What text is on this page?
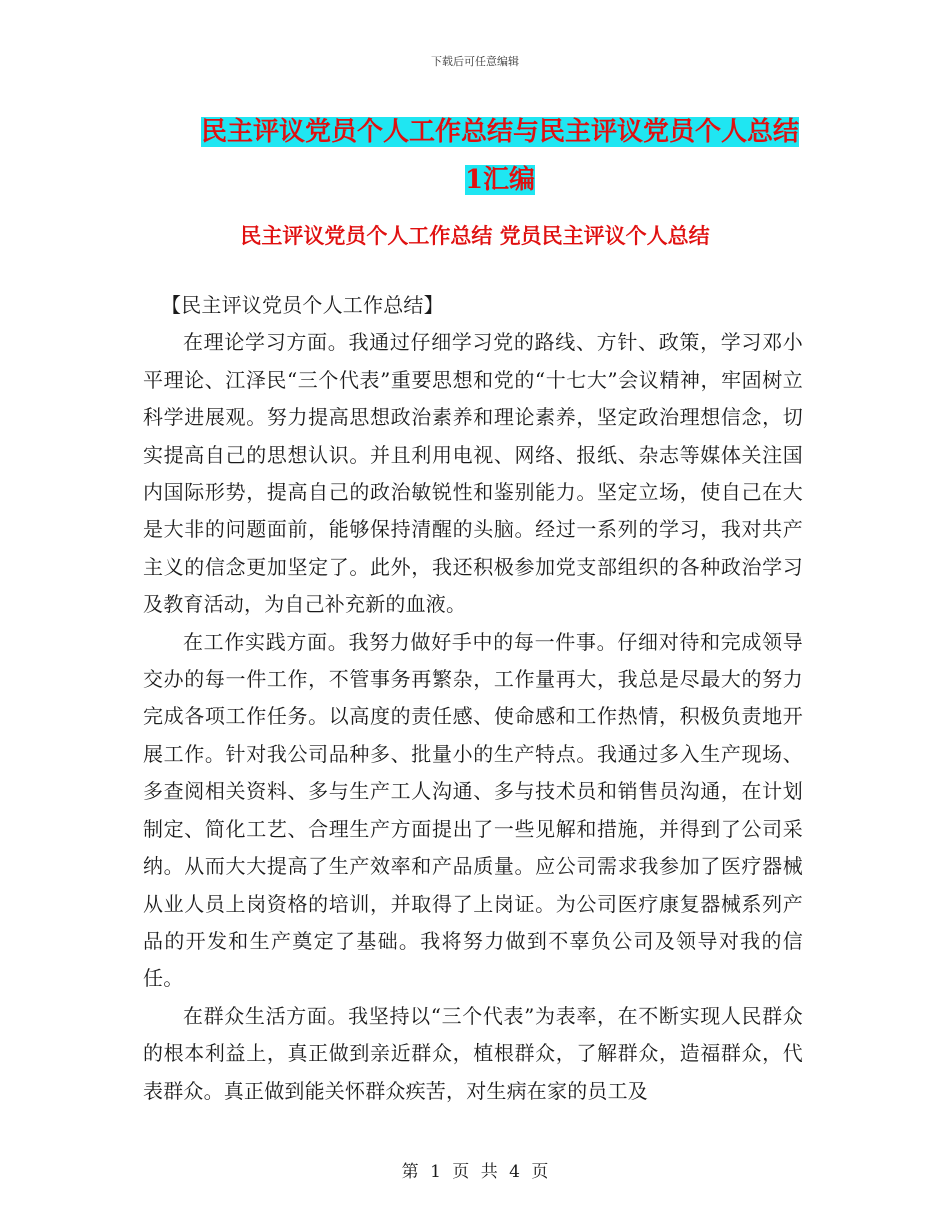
下载后可任意编辑
民主评议党员个人工作总结与民主评议党员个人总结
1汇编
民主评议党员个人工作总结 党员民主评议个人总结

【民主评议党员个人工作总结】

在理论学习方面。我通过仔细学习党的路线、方针、政策，学习邓小平理论、江泽民“三个代表”重要思想和党的“十七大”会议精神，牢固树立科学进展观。努力提高思想政治素养和理论素养，坚定政治理想信念，切实提高自己的思想认识。并且利用电视、网络、报纸、杂志等媒体关注国内国际形势，提高自己的政治敏锐性和鉴别能力。坚定立场，使自己在大是大非的问题面前，能够保持清醒的头脑。经过一系列的学习，我对共产主义的信念更加坚定了。此外，我还积极参加党支部组织的各种政治学习及教育活动，为自己补充新的血液。

在工作实践方面。我努力做好手中的每一件事。仔细对待和完成领导交办的每一件工作，不管事务再繁杂，工作量再大，我总是尽最大的努力完成各项工作任务。以高度的责任感、使命感和工作热情，积极负责地开展工作。针对我公司品种多、批量小的生产特点。我通过多入生产现场、多查阅相关资料、多与生产工人沟通、多与技术员和销售员沟通，在计划制定、简化工艺、合理生产方面提出了一些见解和措施，并得到了公司采纳。从而大大提高了生产效率和产品质量。应公司需求我参加了医疗器械从业人员上岗资格的培训，并取得了上岗证。为公司医疗康复器械系列产品的开发和生产奠定了基础。我将努力做到不辜负公司及领导对我的信任。

在群众生活方面。我坚持以“三个代表”为表率，在不断实现人民群众的根本利益上，真正做到亲近群众，植根群众，了解群众，造福群众，代表群众。真正做到能关怀群众疾苦，对生病在家的员工及

第 1 页 共 4 页
